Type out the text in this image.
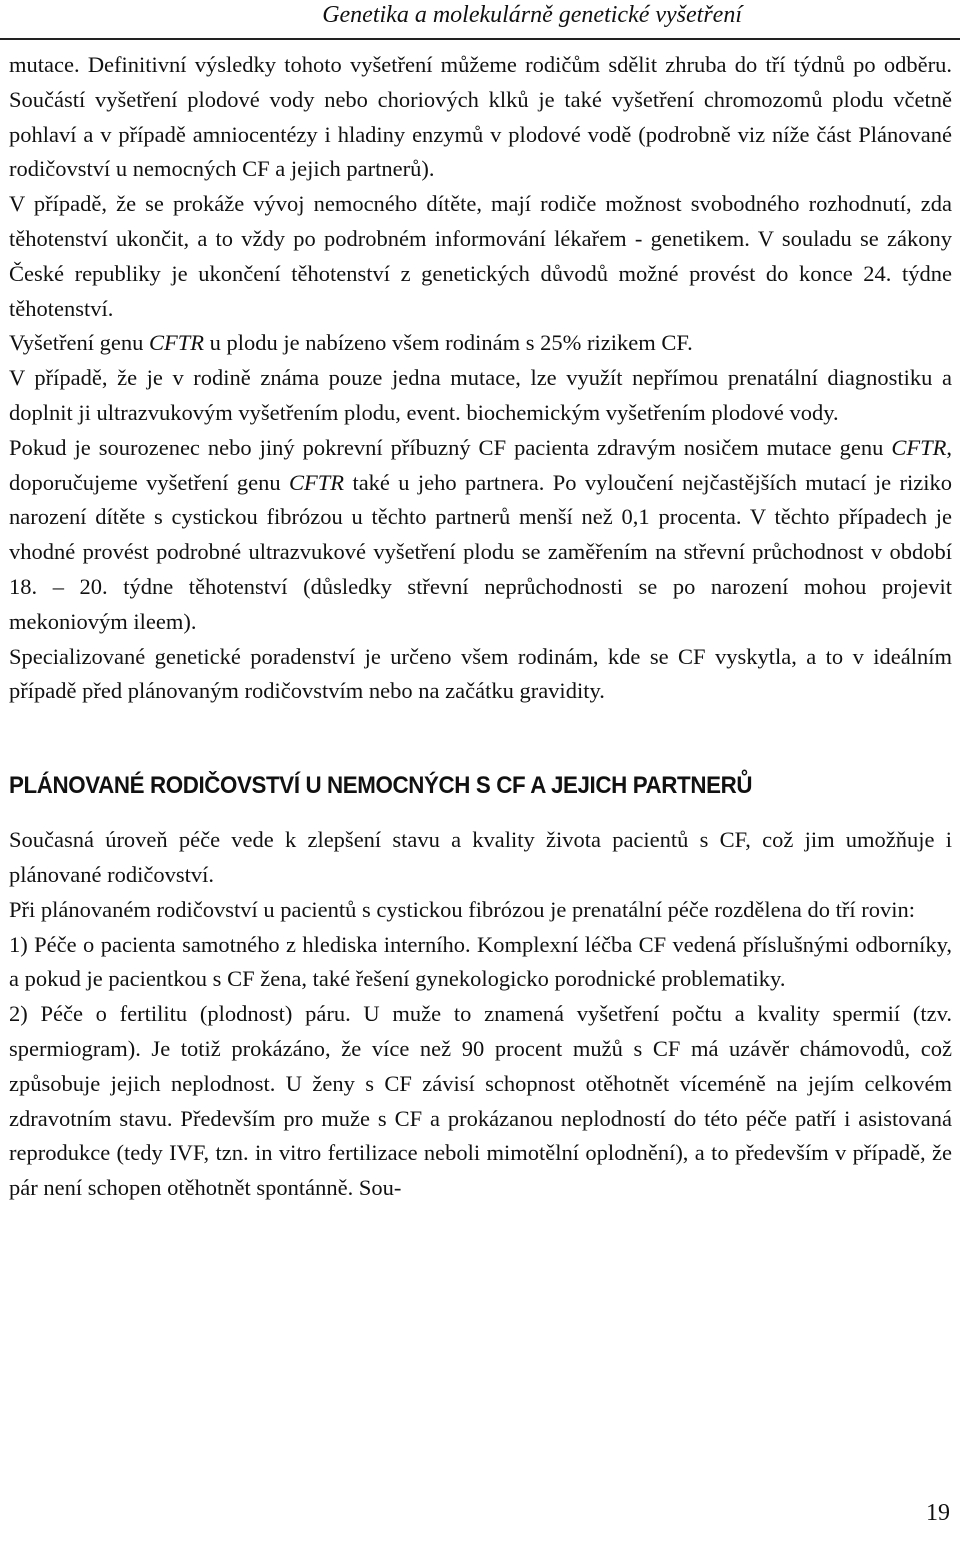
Genetika a molekulárně genetické vyšetření

mutace. Definitivní výsledky tohoto vyšetření můžeme rodičům sdělit zhruba do tří týdnů po odběru. Součástí vyšetření plodové vody nebo choriových klků je také vyšetření chromozomů plodu včetně pohlaví a v případě amniocentézy i hladiny enzymů v plodové vodě (podrobně viz níže část Plánované rodičovství u nemocných CF a jejich partnerů).

V případě, že se prokáže vývoj nemocného dítěte, mají rodiče možnost svobodného rozhodnutí, zda těhotenství ukončit, a to vždy po podrobném informování lékařem - genetikem. V souladu se zákony České republiky je ukončení těhotenství z genetických důvodů možné provést do konce 24. týdne těhotenství.

Vyšetření genu CFTR u plodu je nabízeno všem rodinám s 25% rizikem CF.

V případě, že je v rodině známa pouze jedna mutace, lze využít nepřímou prenatální diagnostiku a doplnit ji ultrazvukovým vyšetřením plodu, event. biochemickým vyšetřením plodové vody.

Pokud je sourozenec nebo jiný pokrevní příbuzný CF pacienta zdravým nosičem mutace genu CFTR, doporučujeme vyšetření genu CFTR také u jeho partnera. Po vyloučení nejčastějších mutací je riziko narození dítěte s cystickou fibrózou u těchto partnerů menší než 0,1 procenta. V těchto případech je vhodné provést podrobné ultrazvukové vyšetření plodu se zaměřením na střevní průchodnost v období 18. – 20. týdne těhotenství (důsledky střevní neprůchodnosti se po narození mohou projevit mekoniovým ileem).

Specializované genetické poradenství je určeno všem rodinám, kde se CF vyskytla, a to v ideálním případě před plánovaným rodičovstvím nebo na začátku gravidity.

PLÁNOVANÉ RODIČOVSTVÍ U NEMOCNÝCH S CF A JEJICH PARTNERŮ

Současná úroveň péče vede k zlepšení stavu a kvality života pacientů s CF, což jim umožňuje i plánované rodičovství.

Při plánovaném rodičovství u pacientů s cystickou fibrózou je prenatální péče rozdělena do tří rovin:

1) Péče o pacienta samotného z hlediska interního. Komplexní léčba CF vedená příslušnými odborníky, a pokud je pacientkou s CF žena, také řešení gynekologicko porodnické problematiky.

2) Péče o fertilitu (plodnost) páru. U muže to znamená vyšetření počtu a kvality spermií (tzv. spermiogram). Je totiž prokázáno, že více než 90 procent mužů s CF má uzávěr chámovodů, což způsobuje jejich neplodnost. U ženy s CF závisí schopnost otěhotnět víceméně na jejím celkovém zdravotním stavu. Především pro muže s CF a prokázanou neplodností do této péče patří i asistovaná reprodukce (tedy IVF, tzn. in vitro fertilizace neboli mimotělní oplodnění), a to především v případě, že pár není schopen otěhotnět spontánně. Sou-

19
